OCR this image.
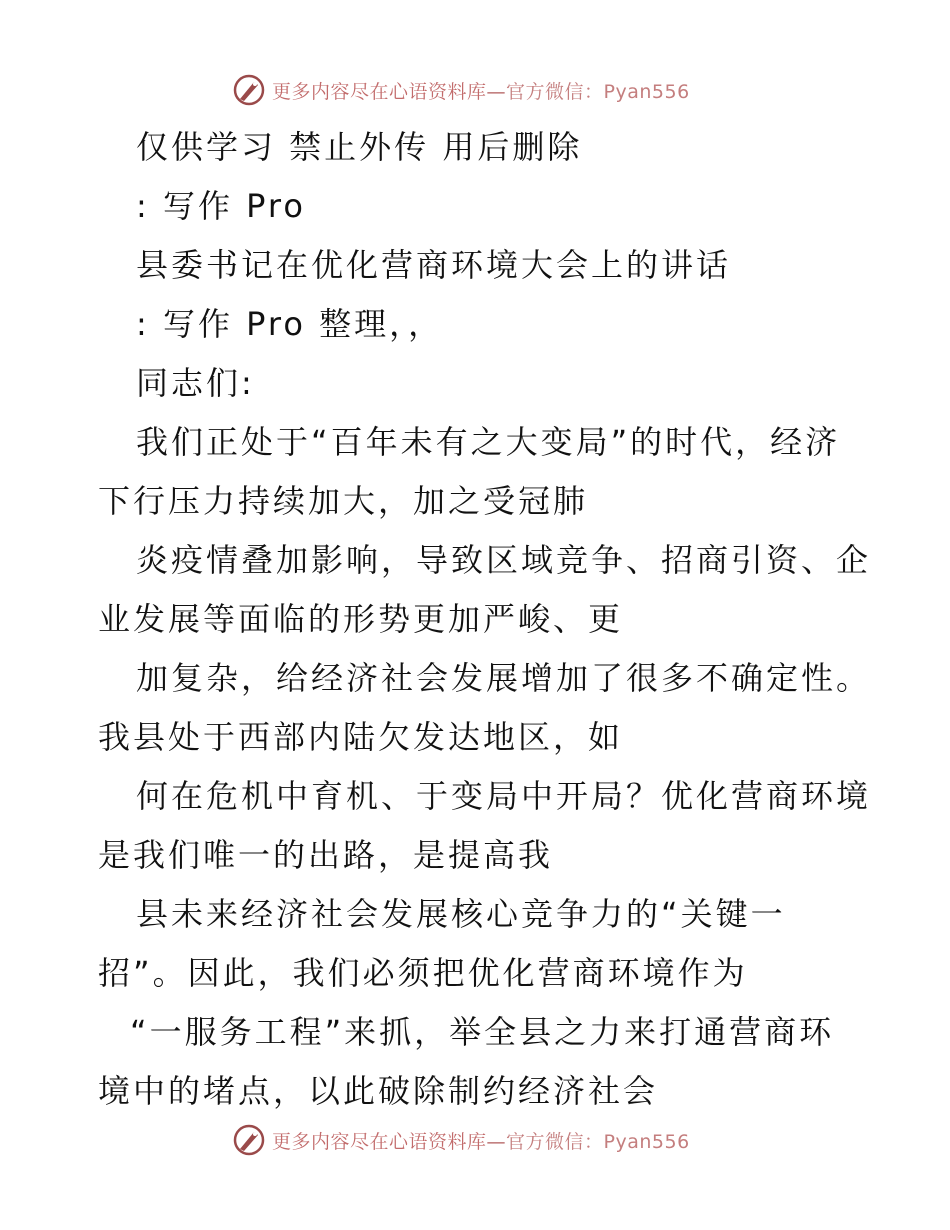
更多内容尽在心语资料库—官方微信：Pyan556
仅供学习 禁止外传 用后删除
: 写作 Pro
县委书记在优化营商环境大会上的讲话
: 写作 Pro 整理，，
同志们:
我们正处于“百年未有之大变局”的时代，经济
下行压力持续加大，加之受冠肺
炎疫情叠加影响，导致区域竞争、招商引资、企
业发展等面临的形势更加严峻、更
加复杂，给经济社会发展增加了很多不确定性。
我县处于西部内陆欠发达地区，如
何在危机中育机、于变局中开局？优化营商环境
是我们唯一的出路，是提高我
县未来经济社会发展核心竞争力的“关键一
招”。因此，我们必须把优化营商环境作为
“一服务工程”来抓，举全县之力来打通营商环
境中的堵点，以此破除制约经济社会
更多内容尽在心语资料库—官方微信：Pyan556
